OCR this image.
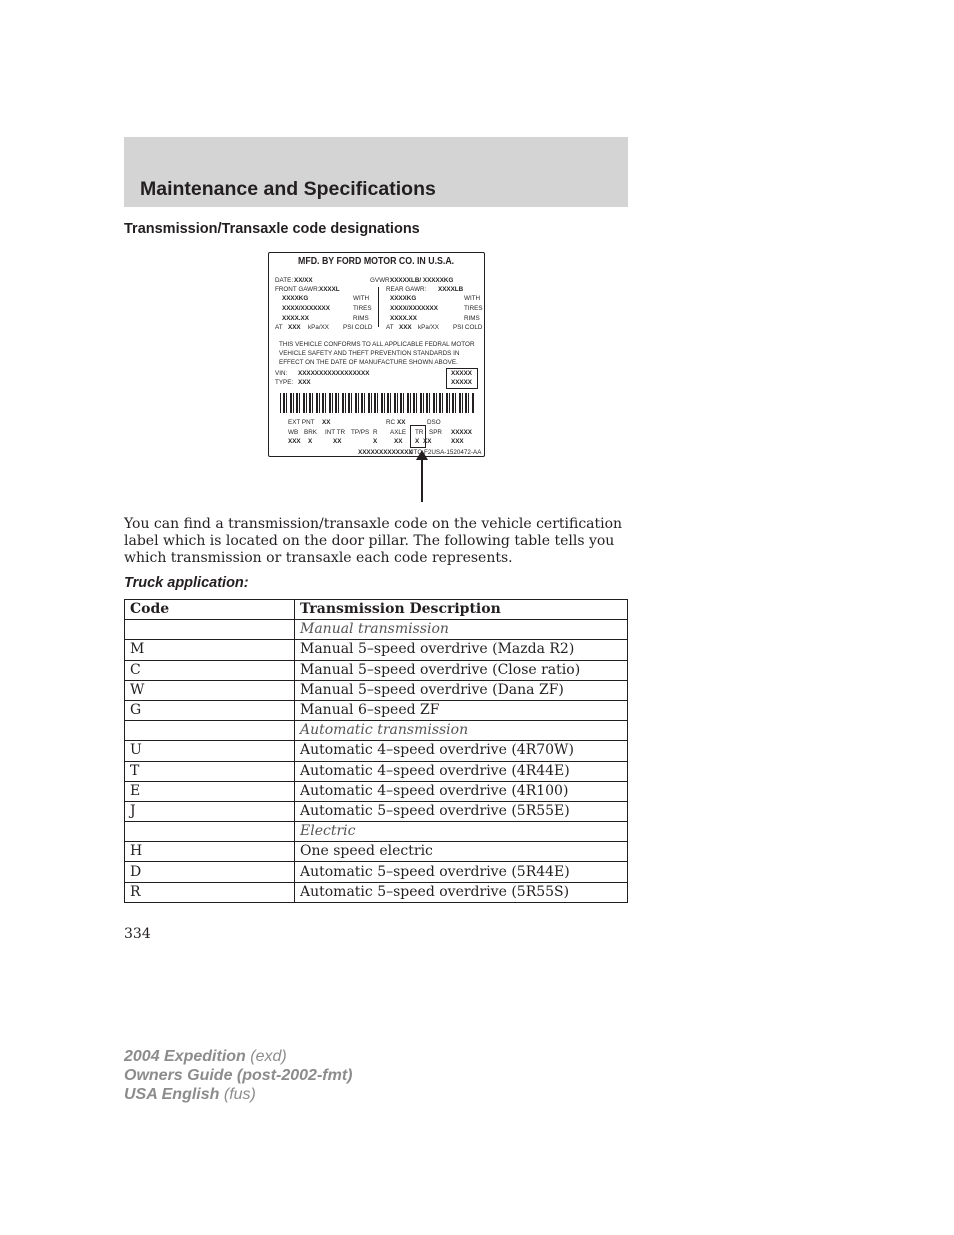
Maintenance and Specifications
Transmission/Transaxle code designations
MFD. BY FORD MOTOR CO. IN U.S.A.
DATE: XX/XX	GVWR:
XXXXXLB/ XXXXXKG
FRONT GAWR: XXXXL	REAR GAWR: XXXXLB
XXXXKG	WITH	XXXXKG	WITH
XXXX/XXXXXXX	TIRES	XXXX/XXXXXXX	TIRES
XXXX.XX	RIMS	XXXX.XX	RIMS
AT XXX kPa/XX PSI COLD AT XXX kPa/XX PSI COLD
THIS VEHICLE CONFORMS TO ALL APPLICABLE FEDRAL MOTOR
VEHICLE SAFETY AND THEFT PREVENTION STANDARDS IN
EFFECT ON THE DATE OF MANUFACTURE SHOWN ABOVE.
VIN: XXXXXXXXXXXXXXXXX
TYPE: XXX
XXXXX
XXXXX
EXT PNT XX	RC XX	DSO
WB BRK INT TR TP/PS R AXLE TR SPR XXXXX
XXX X	XX	X	XX X XX	XXX
XXXXXXXXXXXXX
UTC F2USA-1520472-AA

You can find a transmission/transaxle code on the vehicle certification label which is located on the door pillar. The following table tells you which transmission or transaxle each code represents.

Truck application:

Code	Transmission Description
	Manual transmission
M	Manual 5–speed overdrive (Mazda R2)
C	Manual 5–speed overdrive (Close ratio)
W	Manual 5–speed overdrive (Dana ZF)
G	Manual 6–speed ZF
	Automatic transmission
U	Automatic 4–speed overdrive (4R70W)
T	Automatic 4–speed overdrive (4R44E)
E	Automatic 4–speed overdrive (4R100)
J	Automatic 5–speed overdrive (5R55E)
	Electric
H	One speed electric
D	Automatic 5–speed overdrive (5R44E)
R	Automatic 5–speed overdrive (5R55S)

334

2004 Expedition (exd)
Owners Guide (post-2002-fmt)
USA English (fus)
